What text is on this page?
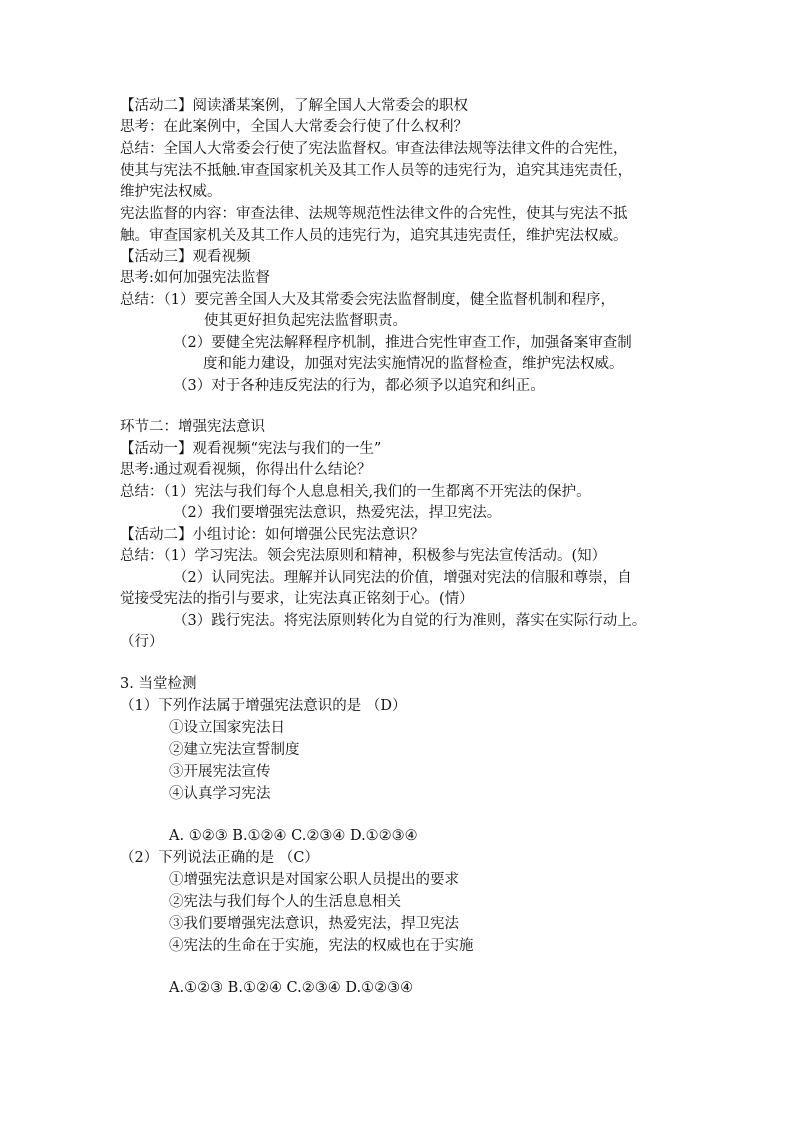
【活动二】阅读潘某案例，了解全国人大常委会的职权
思考：在此案例中，全国人大常委会行使了什么权利？
总结：全国人大常委会行使了宪法监督权。审查法律法规等法律文件的合宪性，
使其与宪法不抵触.审查国家机关及其工作人员等的违宪行为，追究其违宪责任，
维护宪法权威。
宪法监督的内容：审查法律、法规等规范性法律文件的合宪性，使其与宪法不抵
触。审查国家机关及其工作人员的违宪行为，追究其违宪责任，维护宪法权威。
【活动三】观看视频
思考:如何加强宪法监督
总结：（1）要完善全国人大及其常委会宪法监督制度，健全监督机制和程序，
使其更好担负起宪法监督职责。
（2）要健全宪法解释程序机制，推进合宪性审查工作，加强备案审查制
度和能力建设，加强对宪法实施情况的监督检查，维护宪法权威。
（3）对于各种违反宪法的行为，都必须予以追究和纠正。
环节二：增强宪法意识
【活动一】观看视频“宪法与我们的一生”
思考:通过观看视频，你得出什么结论？
总结：（1）宪法与我们每个人息息相关,我们的一生都离不开宪法的保护。
（2）我们要增强宪法意识，热爱宪法，捍卫宪法。
【活动二】小组讨论：如何增强公民宪法意识？
总结：（1）学习宪法。领会宪法原则和精神，积极参与宪法宣传活动。(知）
（2）认同宪法。理解并认同宪法的价值，增强对宪法的信服和尊崇，自
觉接受宪法的指引与要求，让宪法真正铭刻于心。(情）
（3）践行宪法。将宪法原则转化为自觉的行为准则，落实在实际行动上。
（行）
3. 当堂检测
（1）下列作法属于增强宪法意识的是 （D）
①设立国家宪法日
②建立宪法宣誓制度
③开展宪法宣传
④认真学习宪法
A. ①②③ B.①②④ C.②③④ D.①②③④
（2）下列说法正确的是 （C）
①增强宪法意识是对国家公职人员提出的要求
②宪法与我们每个人的生活息息相关
③我们要增强宪法意识，热爱宪法，捍卫宪法
④宪法的生命在于实施，宪法的权威也在于实施
A.①②③ B.①②④ C.②③④ D.①②③④
